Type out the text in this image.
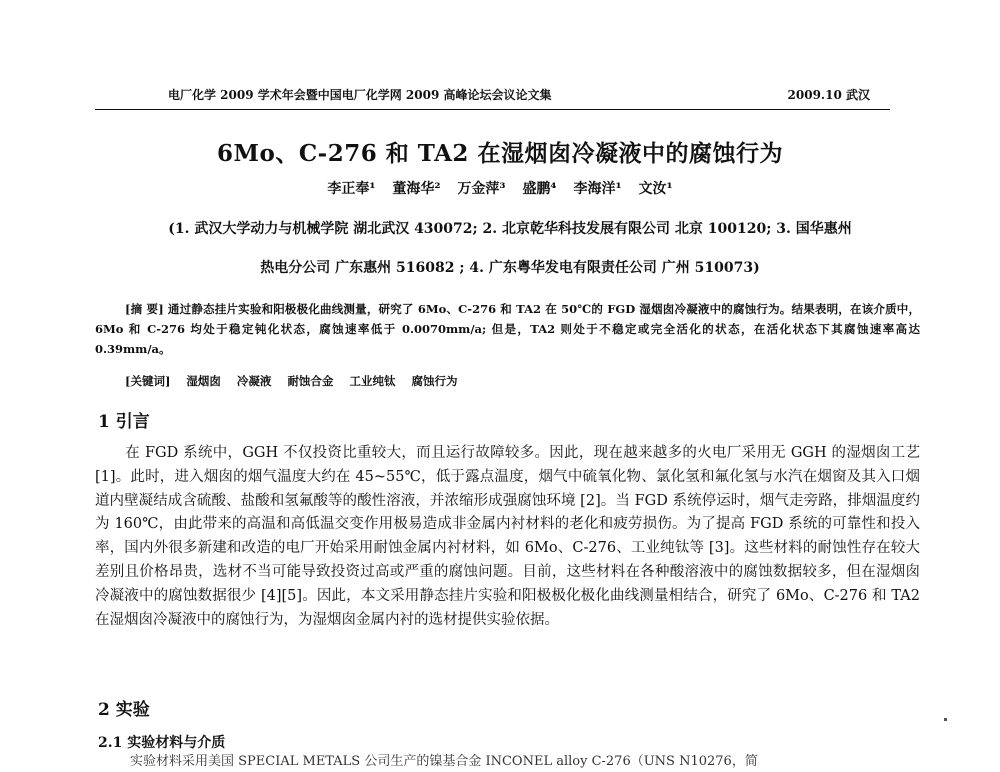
电厂化学 2009 学术年会暨中国电厂化学网 2009 高峰论坛会议论文集	2009.10 武汉
6Mo、C-276 和 TA2 在湿烟囱冷凝液中的腐蚀行为
李正奉¹ 董海华² 万金萍³ 盛鹏⁴ 李海洋¹ 文汝¹
(1. 武汉大学动力与机械学院 湖北武汉 430072; 2. 北京乾华科技发展有限公司 北京 100120; 3. 国华惠州
热电分公司 广东惠州 516082 ; 4. 广东粤华发电有限责任公司 广州 510073)
[摘 要] 通过静态挂片实验和阳极极化曲线测量，研究了 6Mo、C-276 和 TA2 在 50℃的 FGD 湿烟囱冷凝液中的腐蚀行为。结果表明，在该介质中，6Mo 和 C-276 均处于稳定钝化状态，腐蚀速率低于 0.0070mm/a; 但是，TA2 则处于不稳定或完全活化的状态，在活化状态下其腐蚀速率高达 0.39mm/a。
[关键词] 湿烟囱 冷凝液 耐蚀合金 工业纯钛 腐蚀行为
1 引言
在 FGD 系统中，GGH 不仅投资比重较大，而且运行故障较多。因此，现在越来越多的火电厂采用无 GGH 的湿烟囱工艺 [1]。此时，进入烟囱的烟气温度大约在 45~55℃，低于露点温度，烟气中硫氧化物、氯化氢和氟化氢与水汽在烟窗及其入口烟道内壁凝结成含硫酸、盐酸和氢氟酸等的酸性溶液，并浓缩形成强腐蚀环境 [2]。当 FGD 系统停运时，烟气走旁路，排烟温度约为 160℃，由此带来的高温和高低温交变作用极易造成非金属内衬材料的老化和疲劳损伤。为了提高 FGD 系统的可靠性和投入率，国内外很多新建和改造的电厂开始采用耐蚀金属内衬材料，如 6Mo、C-276、工业纯钛等 [3]。这些材料的耐蚀性存在较大差别且价格昂贵，选材不当可能导致投资过高或严重的腐蚀问题。目前，这些材料在各种酸溶液中的腐蚀数据较多，但在湿烟囱冷凝液中的腐蚀数据很少 [4][5]。因此，本文采用静态挂片实验和阳极极化极化曲线测量相结合，研究了 6Mo、C-276 和 TA2 在湿烟囱冷凝液中的腐蚀行为，为湿烟囱金属内衬的选材提供实验依据。
2 实验
2.1 实验材料与介质
实验材料采用美国 SPECIAL METALS 公司生产的镍基合金 INCONEL alloy C-276（UNS N10276，简
